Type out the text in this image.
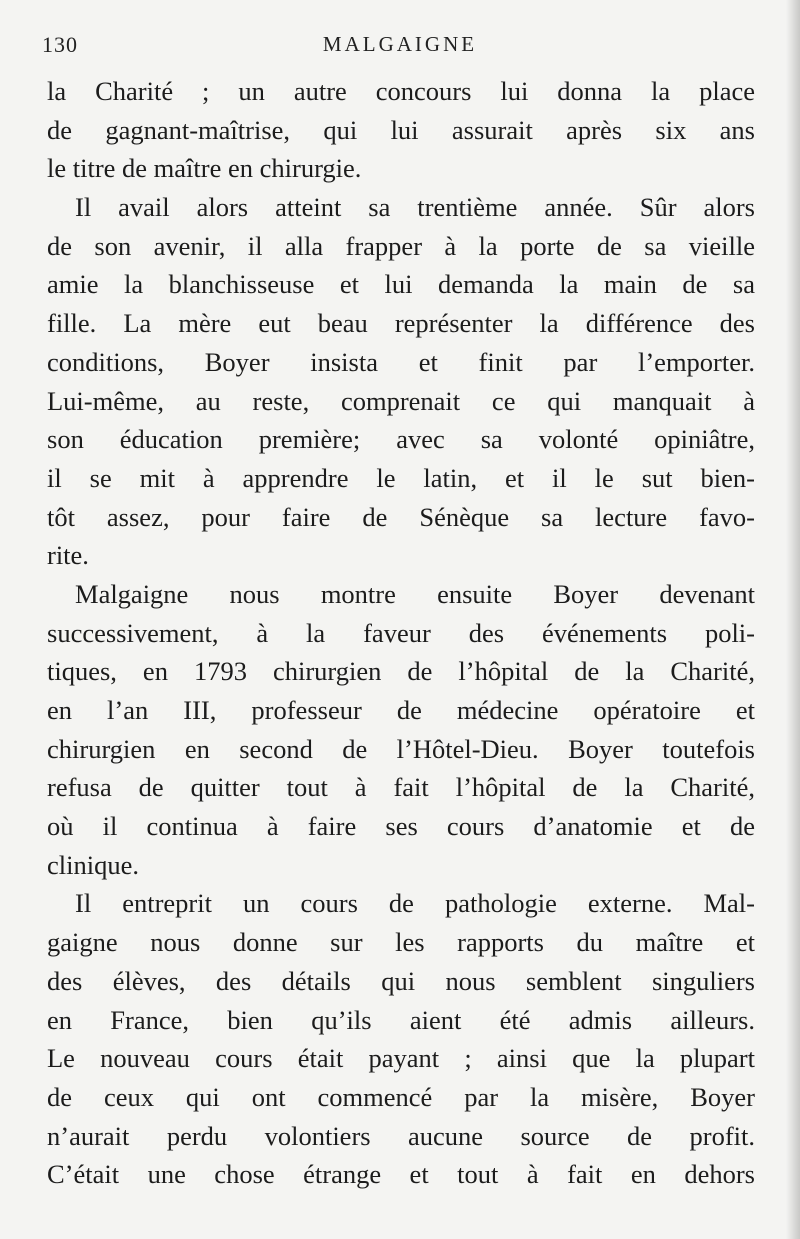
130	MALGAIGNE
la Charité ; un autre concours lui donna la place
de gagnant-maîtrise, qui lui assurait après six ans
le titre de maître en chirurgie.
Il avail alors atteint sa trentième année. Sûr alors
de son avenir, il alla frapper à la porte de sa vieille
amie la blanchisseuse et lui demanda la main de sa
fille. La mère eut beau représenter la différence des
conditions, Boyer insista et finit par l’emporter.
Lui-même, au reste, comprenait ce qui manquait à
son éducation première; avec sa volonté opiniâtre,
il se mit à apprendre le latin, et il le sut bien-
tôt assez, pour faire de Sénèque sa lecture favo-
rite.
Malgaigne nous montre ensuite Boyer devenant
successivement, à la faveur des événements poli-
tiques, en 1793 chirurgien de l’hôpital de la Charité,
en l’an III, professeur de médecine opératoire et
chirurgien en second de l’Hôtel-Dieu. Boyer toutefois
refusa de quitter tout à fait l’hôpital de la Charité,
où il continua à faire ses cours d’anatomie et de
clinique.
Il entreprit un cours de pathologie externe. Mal-
gaigne nous donne sur les rapports du maître et
des élèves, des détails qui nous semblent singuliers
en France, bien qu’ils aient été admis ailleurs.
Le nouveau cours était payant ; ainsi que la plupart
de ceux qui ont commencé par la misère, Boyer
n’aurait perdu volontiers aucune source de profit.
C’était une chose étrange et tout à fait en dehors
